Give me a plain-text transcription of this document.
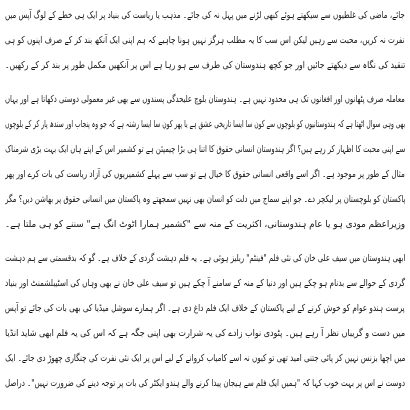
جائے، ماضی کی غلطیوں سے سیکھتے ہوئے کبھی لڑنے میں پہل نہ کی جائے۔ مذہب یا ریاست کی بنیاد پر ایک ہی خطے کے لوگ آپس میں
نفرت نہ کریں، محبت سے رہیں لیکن اس سب کا یہ مطلب ہرگز نہیں ہونا چاہیے کہ ہم اپنی ایک آنکھ بند کر کے صرف اپنوں کو ہی
تنقید کی نگاہ سے دیکھتے جائیں اور جو کچھ ہندوستان کی طرف سے ہو رہا ہے اس پر آنکھیں مکمل طور پر بند کر کے رکھیں۔
معاملہ صرف پٹھانوں اور افغانوں تک ہی محدود نہیں ہے۔ ہندوستان بلوچ علیحدگی پسندوں سے بھی غیر معمولی دوستی دکھاتا ہے اور یہاں
بھی وہی سوال اٹھتا ہے کہ ہندوستانیوں کو بلوچوں سے کون سا ایسا تاریخی عشق ہے یا پھر کون سا ایسا رشتہ ہے کہ جو وہ پنجاب اور سندھ پار کر کے بلوچوں
سے اپنی محبت کا اظہار کر رہے ہیں؟ اگر ہندوستان انسانی حقوق کا اتنا ہی بڑا چیمپئن ہے تو کشمیر اس کے اپنے ہاں ایک بہت بڑی شرمناک
مثال کے طور پر موجود ہے۔ اگر اسے واقعی انسانی حقوق کا خیال ہے تو سب سے پہلے کشمیریوں کی آزاد ریاست کی بات کرے اور پھر
پاکستان کو بلوچستان پر لیکچر دے۔ جو اپنے سماج میں دلت کو انسان بھی نہیں سمجھتے وہ پاکستان میں انسانی حقوق پر بھاشن دیں؟ مگر
وزیراعظم مودی ہو یا عام ہندوستانی، اکثریت کے منہ سے "کشمیر ہمارا اٹوٹ انگ ہے" سننے کو ہی ملتا ہے۔
ابھی ہندوستان میں سیف علی خان کی نئی فلم "فینٹم" ریلیز ہوئی ہے۔ یہ فلم دہشت گردی کے خلاف ہے۔ گو کہ بدقسمتی سے ہم دہشت
گردی کے حوالے سے بدنام ہو چکے ہیں اور دنیا کے منہ کے سامنے آ چکے ہیں تو سیف علی خان نے بھی وہاں کی اسٹیبلشمنٹ اور بنیاد
پرست ہندو عوام کو خوش کرنے کے لیے پاکستان کے خلاف ایک فلم داغ دی ہے۔ اگر ہمارے سوشل میڈیا کی بھی بات کی جائے تو آپس
میں دست و گریباں نظر آ رہے ہیں۔ پٹودی نواب زادے کی یہ شرارت بھی اپنی جگہ ہے کہ اس کی یہ فلم ابھی شاید انڈیا
میں اچھا بزنس نہیں کر پائی جتنی امید تھی تو کیوں نہ اسے کامیاب کروانے کے لیے اس پر ایک نئی نفرت کی چنگاری چھوڑ دی جائے۔ ایک
دوست نے اس پر بہت خوب کہا کہ "ہمیں ایک فلم سے ہیجان پیدا کرنے والے ہندو ایکٹر کی بات پر توجہ دینے کی ضرورت نہیں"۔ دراصل
